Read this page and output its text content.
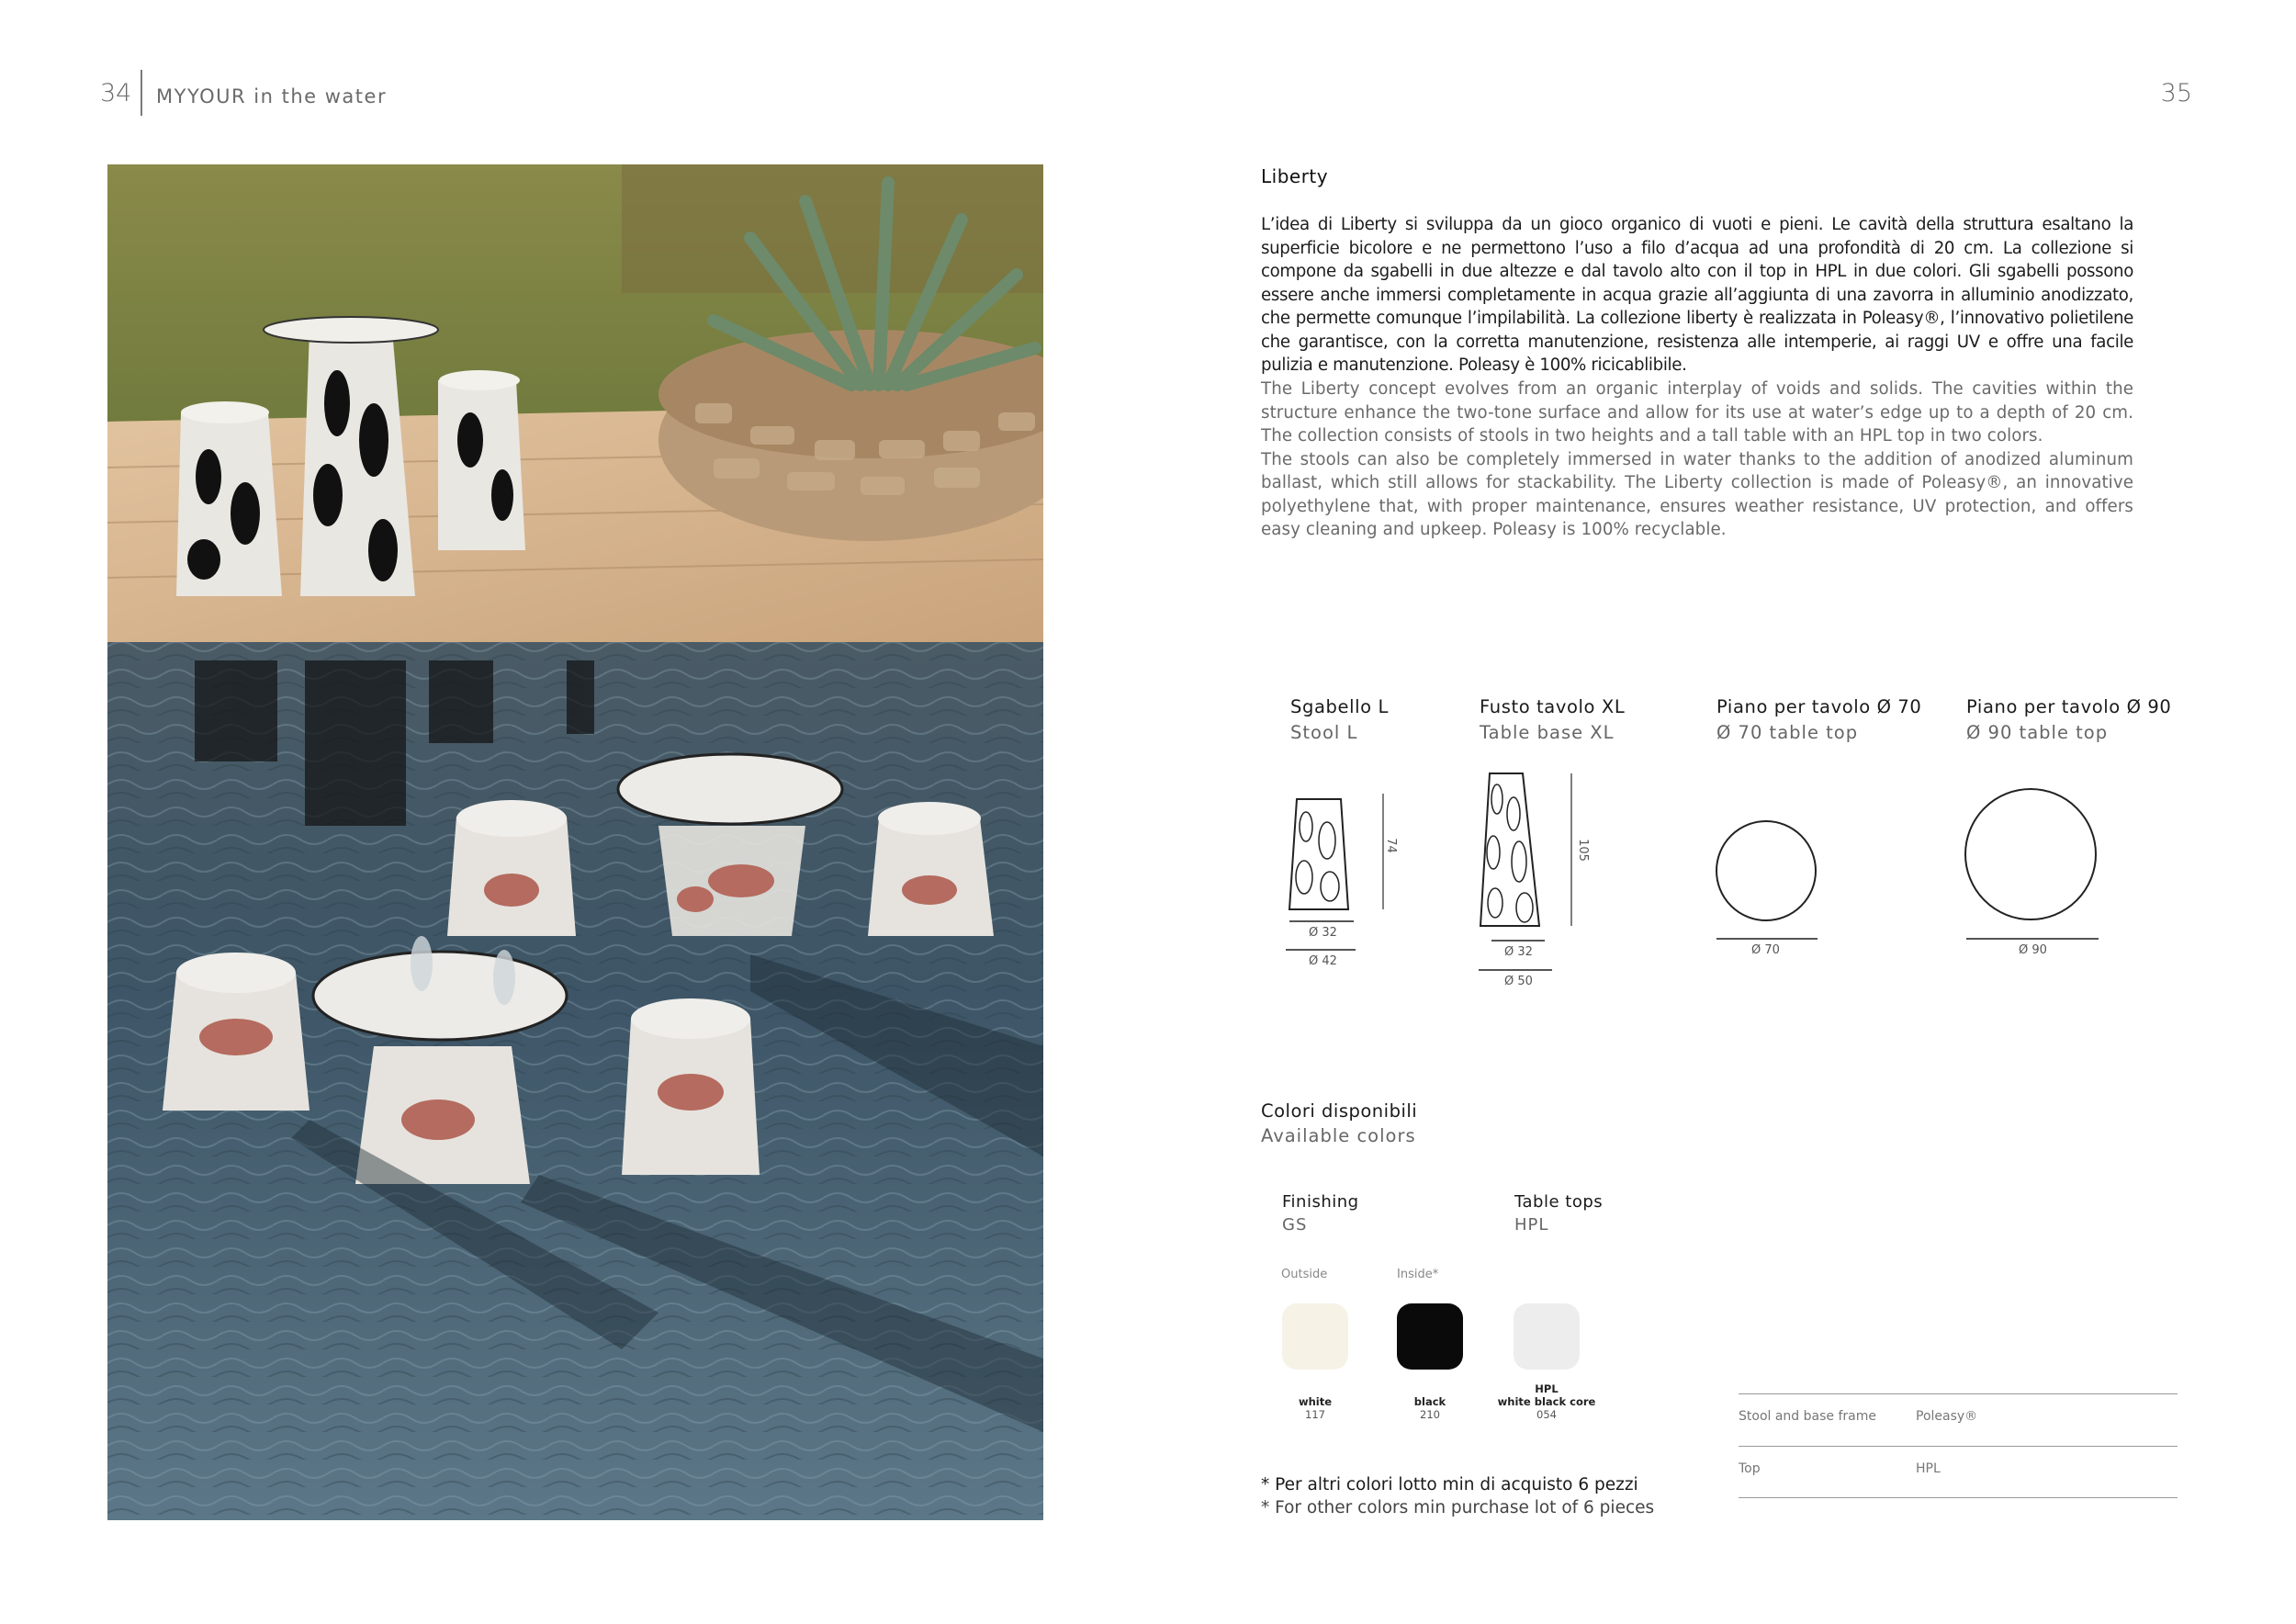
34 MYYOUR in the water	35
Liberty

L’idea di Liberty si sviluppa da un gioco organico di vuoti e pieni. Le cavità della struttura esaltano la superficie bicolore e ne permettono l’uso a filo d’acqua ad una profondità di 20 cm. La collezione si compone da sgabelli in due altezze e dal tavolo alto con il top in HPL in due colori. Gli sgabelli possono essere anche immersi completamente in acqua grazie all’aggiunta di una zavorra in alluminio anodizzato, che permette comunque l’impilabilità. La collezione liberty è realizzata in Poleasy®, l’innovativo polietilene che garantisce, con la corretta manutenzione, resistenza alle intemperie, ai raggi UV e offre una facile pulizia e manutenzione. Poleasy è 100% ricicablibile.

The Liberty concept evolves from an organic interplay of voids and solids. The cavities within the structure enhance the two-tone surface and allow for its use at water’s edge up to a depth of 20 cm. The collection consists of stools in two heights and a tall table with an HPL top in two colors.

The stools can also be completely immersed in water thanks to the addition of anodized aluminum ballast, which still allows for stackability. The Liberty collection is made of Poleasy®, an innovative polyethylene that, with proper maintenance, ensures weather resistance, UV protection, and offers easy cleaning and upkeep. Poleasy is 100% recyclable.

Sgabello L
Stool L
Fusto tavolo XL
Table base XL
Piano per tavolo Ø 70
Ø 70 table top
Piano per tavolo Ø 90
Ø 90 table top
74
Ø 32
Ø 42
105
Ø 32
Ø 50
Ø 70	Ø 90
Colori disponibili
Available colors
Finishing
GS
Table tops
HPL
Outside	Inside*
white
117
black
210
HPL
white black core
054
* Per altri colori lotto min di acquisto 6 pezzi
* For other colors min purchase lot of 6 pieces
Stool and base frame	Poleasy®
Top	HPL
